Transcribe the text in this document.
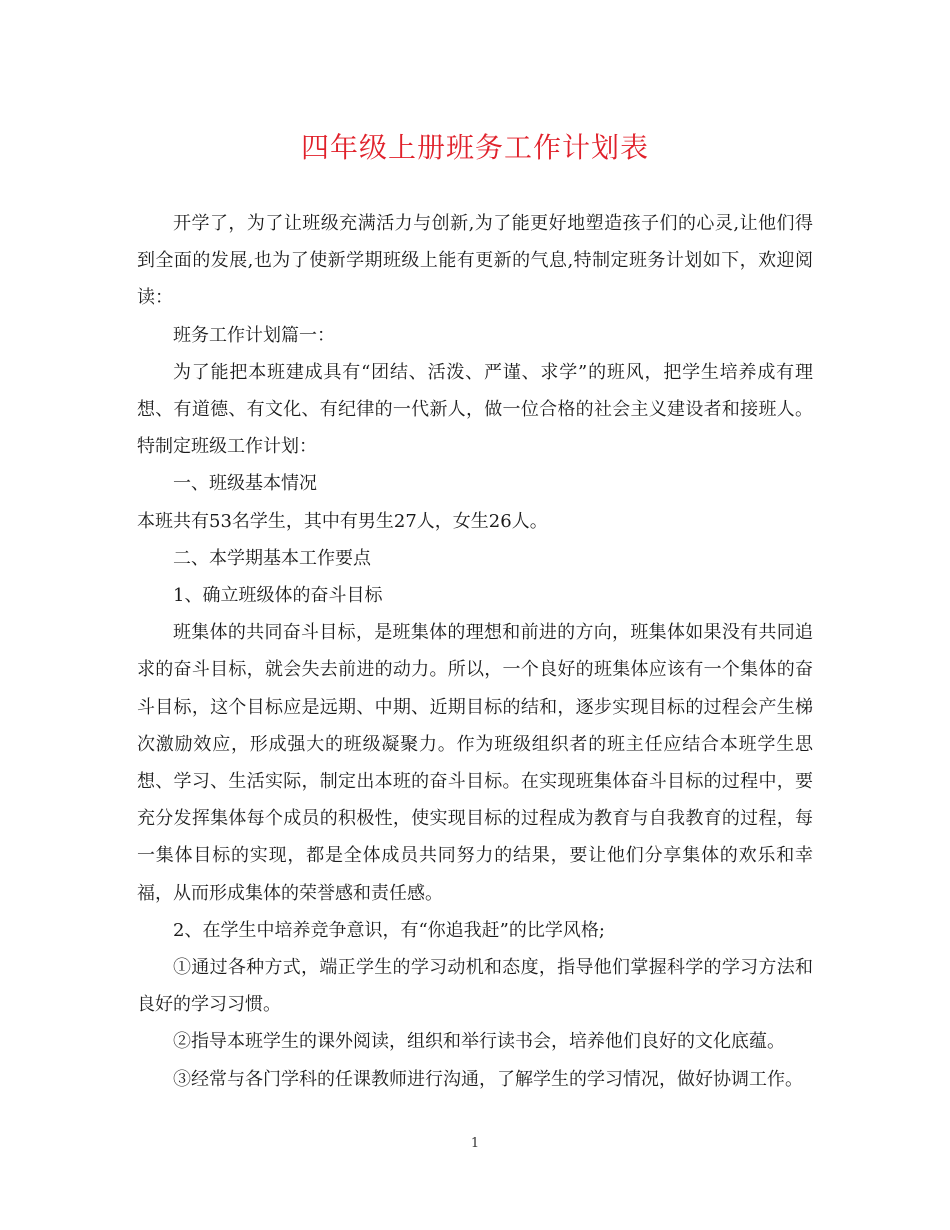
四年级上册班务工作计划表

开学了，为了让班级充满活力与创新,为了能更好地塑造孩子们的心灵,让他们得到全面的发展,也为了使新学期班级上能有更新的气息,特制定班务计划如下，欢迎阅读：

班务工作计划篇一：

为了能把本班建成具有“团结、活泼、严谨、求学”的班风，把学生培养成有理想、有道德、有文化、有纪律的一代新人，做一位合格的社会主义建设者和接班人。特制定班级工作计划：

一、班级基本情况

本班共有53名学生，其中有男生27人，女生26人。

二、本学期基本工作要点

1、确立班级体的奋斗目标

班集体的共同奋斗目标，是班集体的理想和前进的方向，班集体如果没有共同追求的奋斗目标，就会失去前进的动力。所以，一个良好的班集体应该有一个集体的奋斗目标，这个目标应是远期、中期、近期目标的结和，逐步实现目标的过程会产生梯次激励效应，形成强大的班级凝聚力。作为班级组织者的班主任应结合本班学生思想、学习、生活实际，制定出本班的奋斗目标。在实现班集体奋斗目标的过程中，要充分发挥集体每个成员的积极性，使实现目标的过程成为教育与自我教育的过程，每一集体目标的实现，都是全体成员共同努力的结果，要让他们分享集体的欢乐和幸福，从而形成集体的荣誉感和责任感。

2、在学生中培养竞争意识，有“你追我赶”的比学风格;

①通过各种方式，端正学生的学习动机和态度，指导他们掌握科学的学习方法和良好的学习习惯。

②指导本班学生的课外阅读，组织和举行读书会，培养他们良好的文化底蕴。

③经常与各门学科的任课教师进行沟通，了解学生的学习情况，做好协调工作。

1
